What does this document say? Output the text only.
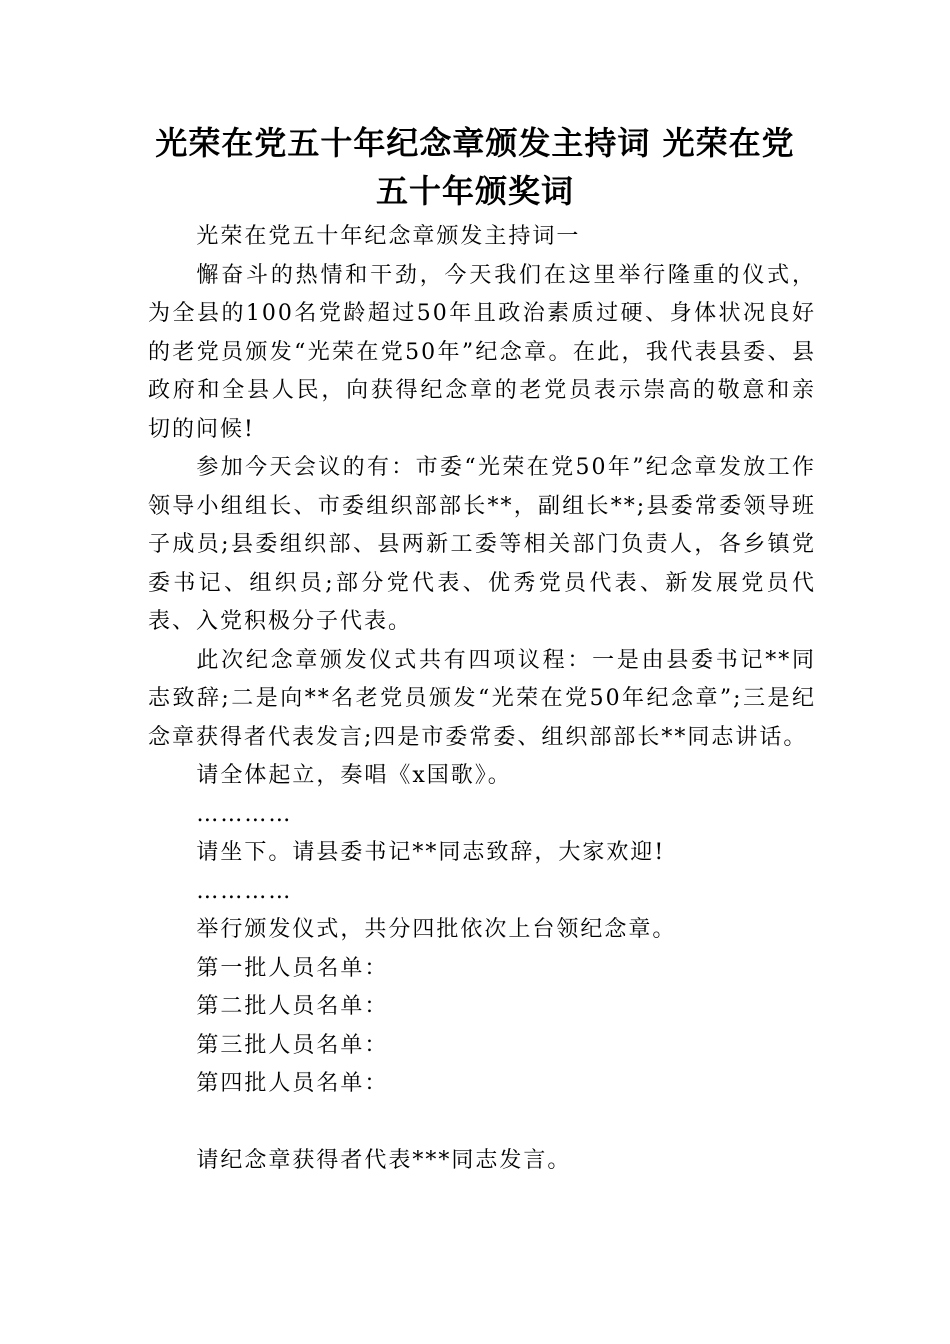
光荣在党五十年纪念章颁发主持词 光荣在党
五十年颁奖词

光荣在党五十年纪念章颁发主持词一

懈奋斗的热情和干劲，今天我们在这里举行隆重的仪式，为全县的100名党龄超过50年且政治素质过硬、身体状况良好的老党员颁发“光荣在党50年”纪念章。在此，我代表县委、县政府和全县人民，向获得纪念章的老党员表示崇高的敬意和亲切的问候!

参加今天会议的有：市委“光荣在党50年”纪念章发放工作领导小组组长、市委组织部部长**，副组长**;县委常委领导班子成员;县委组织部、县两新工委等相关部门负责人，各乡镇党委书记、组织员;部分党代表、优秀党员代表、新发展党员代表、入党积极分子代表。

此次纪念章颁发仪式共有四项议程：一是由县委书记**同志致辞;二是向**名老党员颁发“光荣在党50年纪念章”;三是纪念章获得者代表发言;四是市委常委、组织部部长**同志讲话。

请全体起立，奏唱《x国歌》。

…………

请坐下。请县委书记**同志致辞，大家欢迎!

…………

举行颁发仪式，共分四批依次上台领纪念章。

第一批人员名单：

第二批人员名单：

第三批人员名单：

第四批人员名单：

请纪念章获得者代表***同志发言。
